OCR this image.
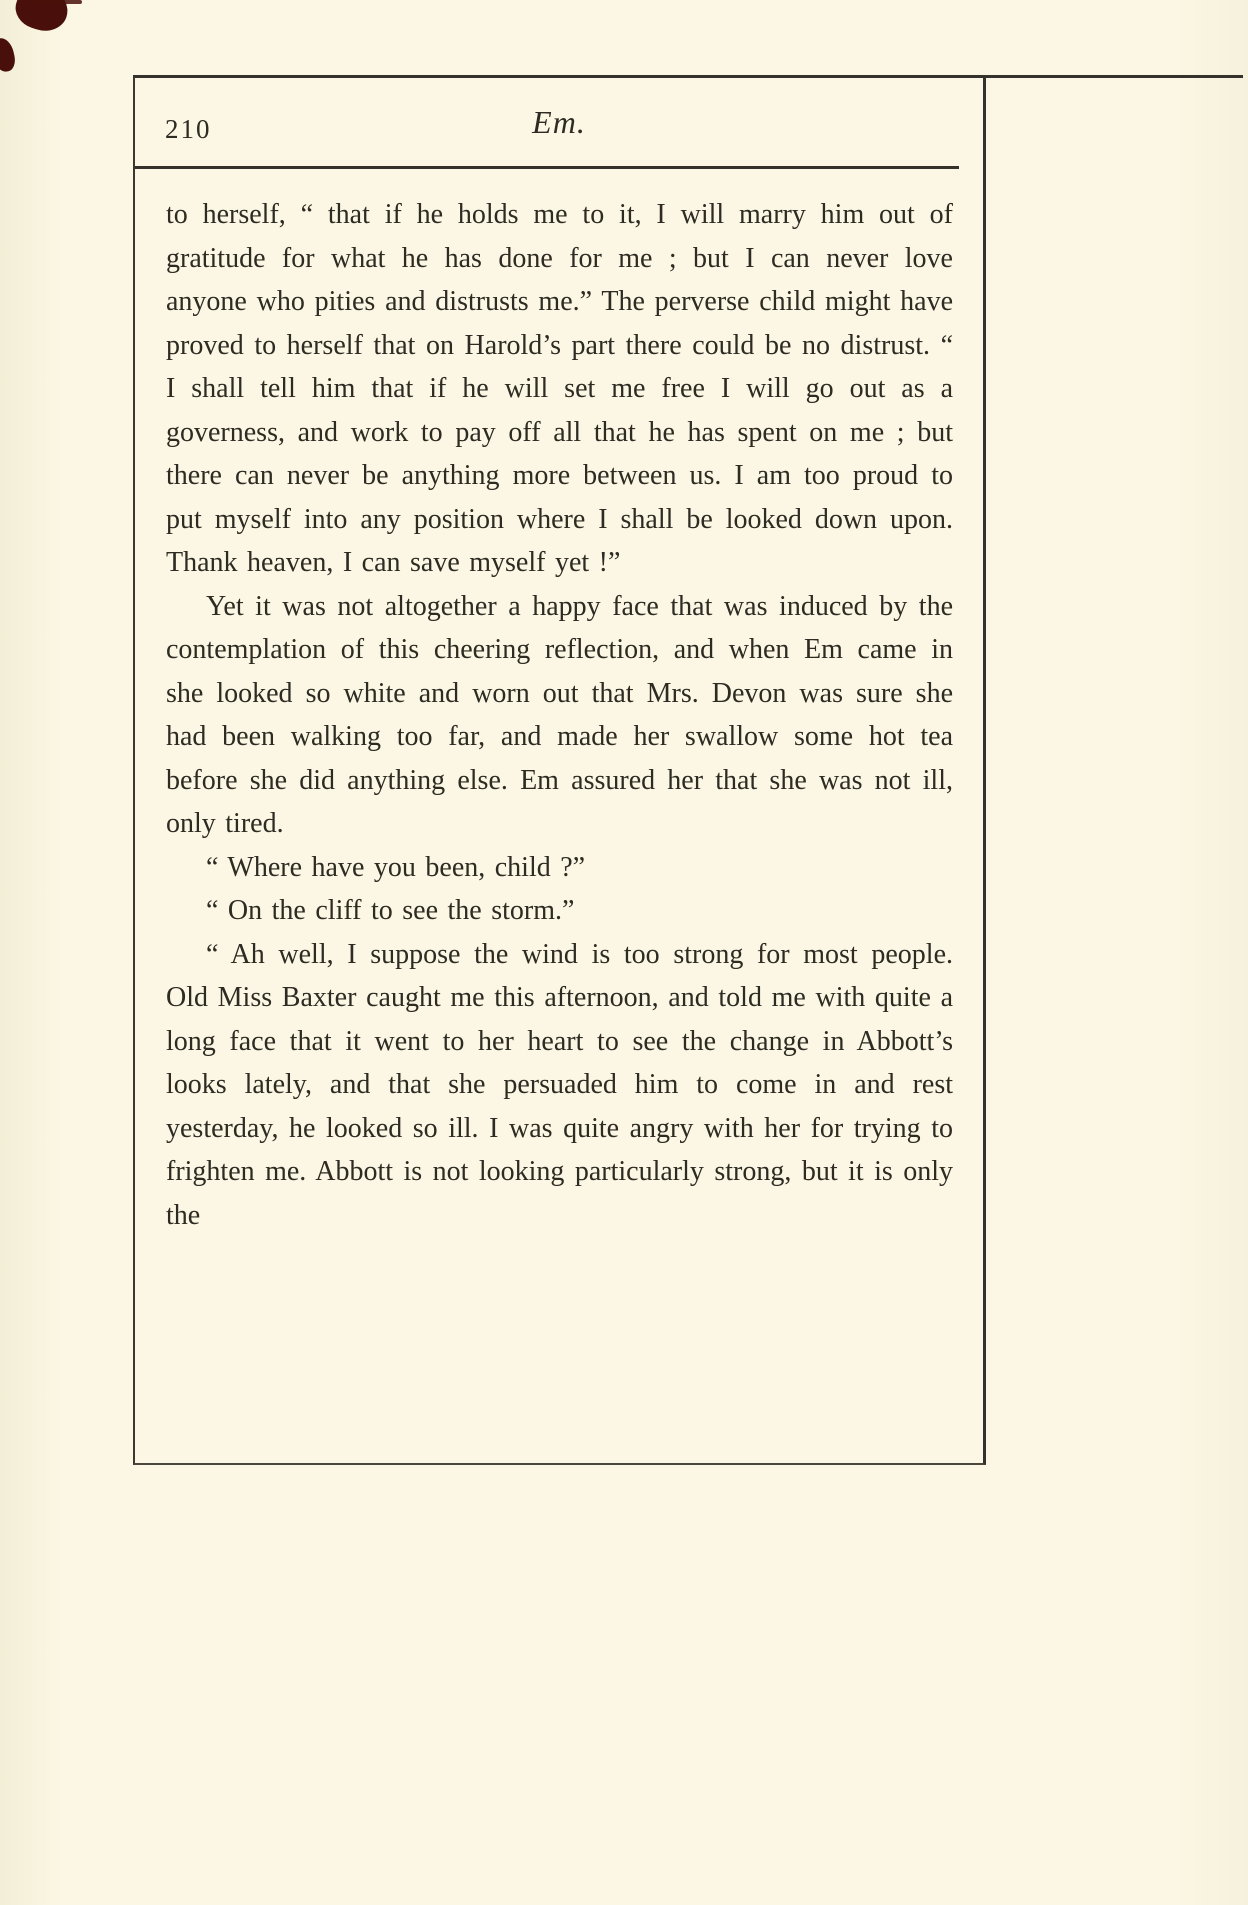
210	Em.

to herself, “ that if he holds me to it, I will marry him out of gratitude for what he has done for me ; but I can never love anyone who pities and distrusts me.” The perverse child might have proved to herself that on Harold’s part there could be no distrust. “ I shall tell him that if he will set me free I will go out as a governess, and work to pay off all that he has spent on me ; but there can never be anything more between us. I am too proud to put myself into any position where I shall be looked down upon. Thank heaven, I can save myself yet !”

Yet it was not altogether a happy face that was induced by the contemplation of this cheering reflection, and when Em came in she looked so white and worn out that Mrs. Devon was sure she had been walking too far, and made her swallow some hot tea before she did anything else. Em assured her that she was not ill, only tired.

“ Where have you been, child ?”

“ On the cliff to see the storm.”

“ Ah well, I suppose the wind is too strong for most people. Old Miss Baxter caught me this afternoon, and told me with quite a long face that it went to her heart to see the change in Abbott’s looks lately, and that she persuaded him to come in and rest yesterday, he looked so ill. I was quite angry with her for trying to frighten me. Abbott is not looking particularly strong, but it is only the
